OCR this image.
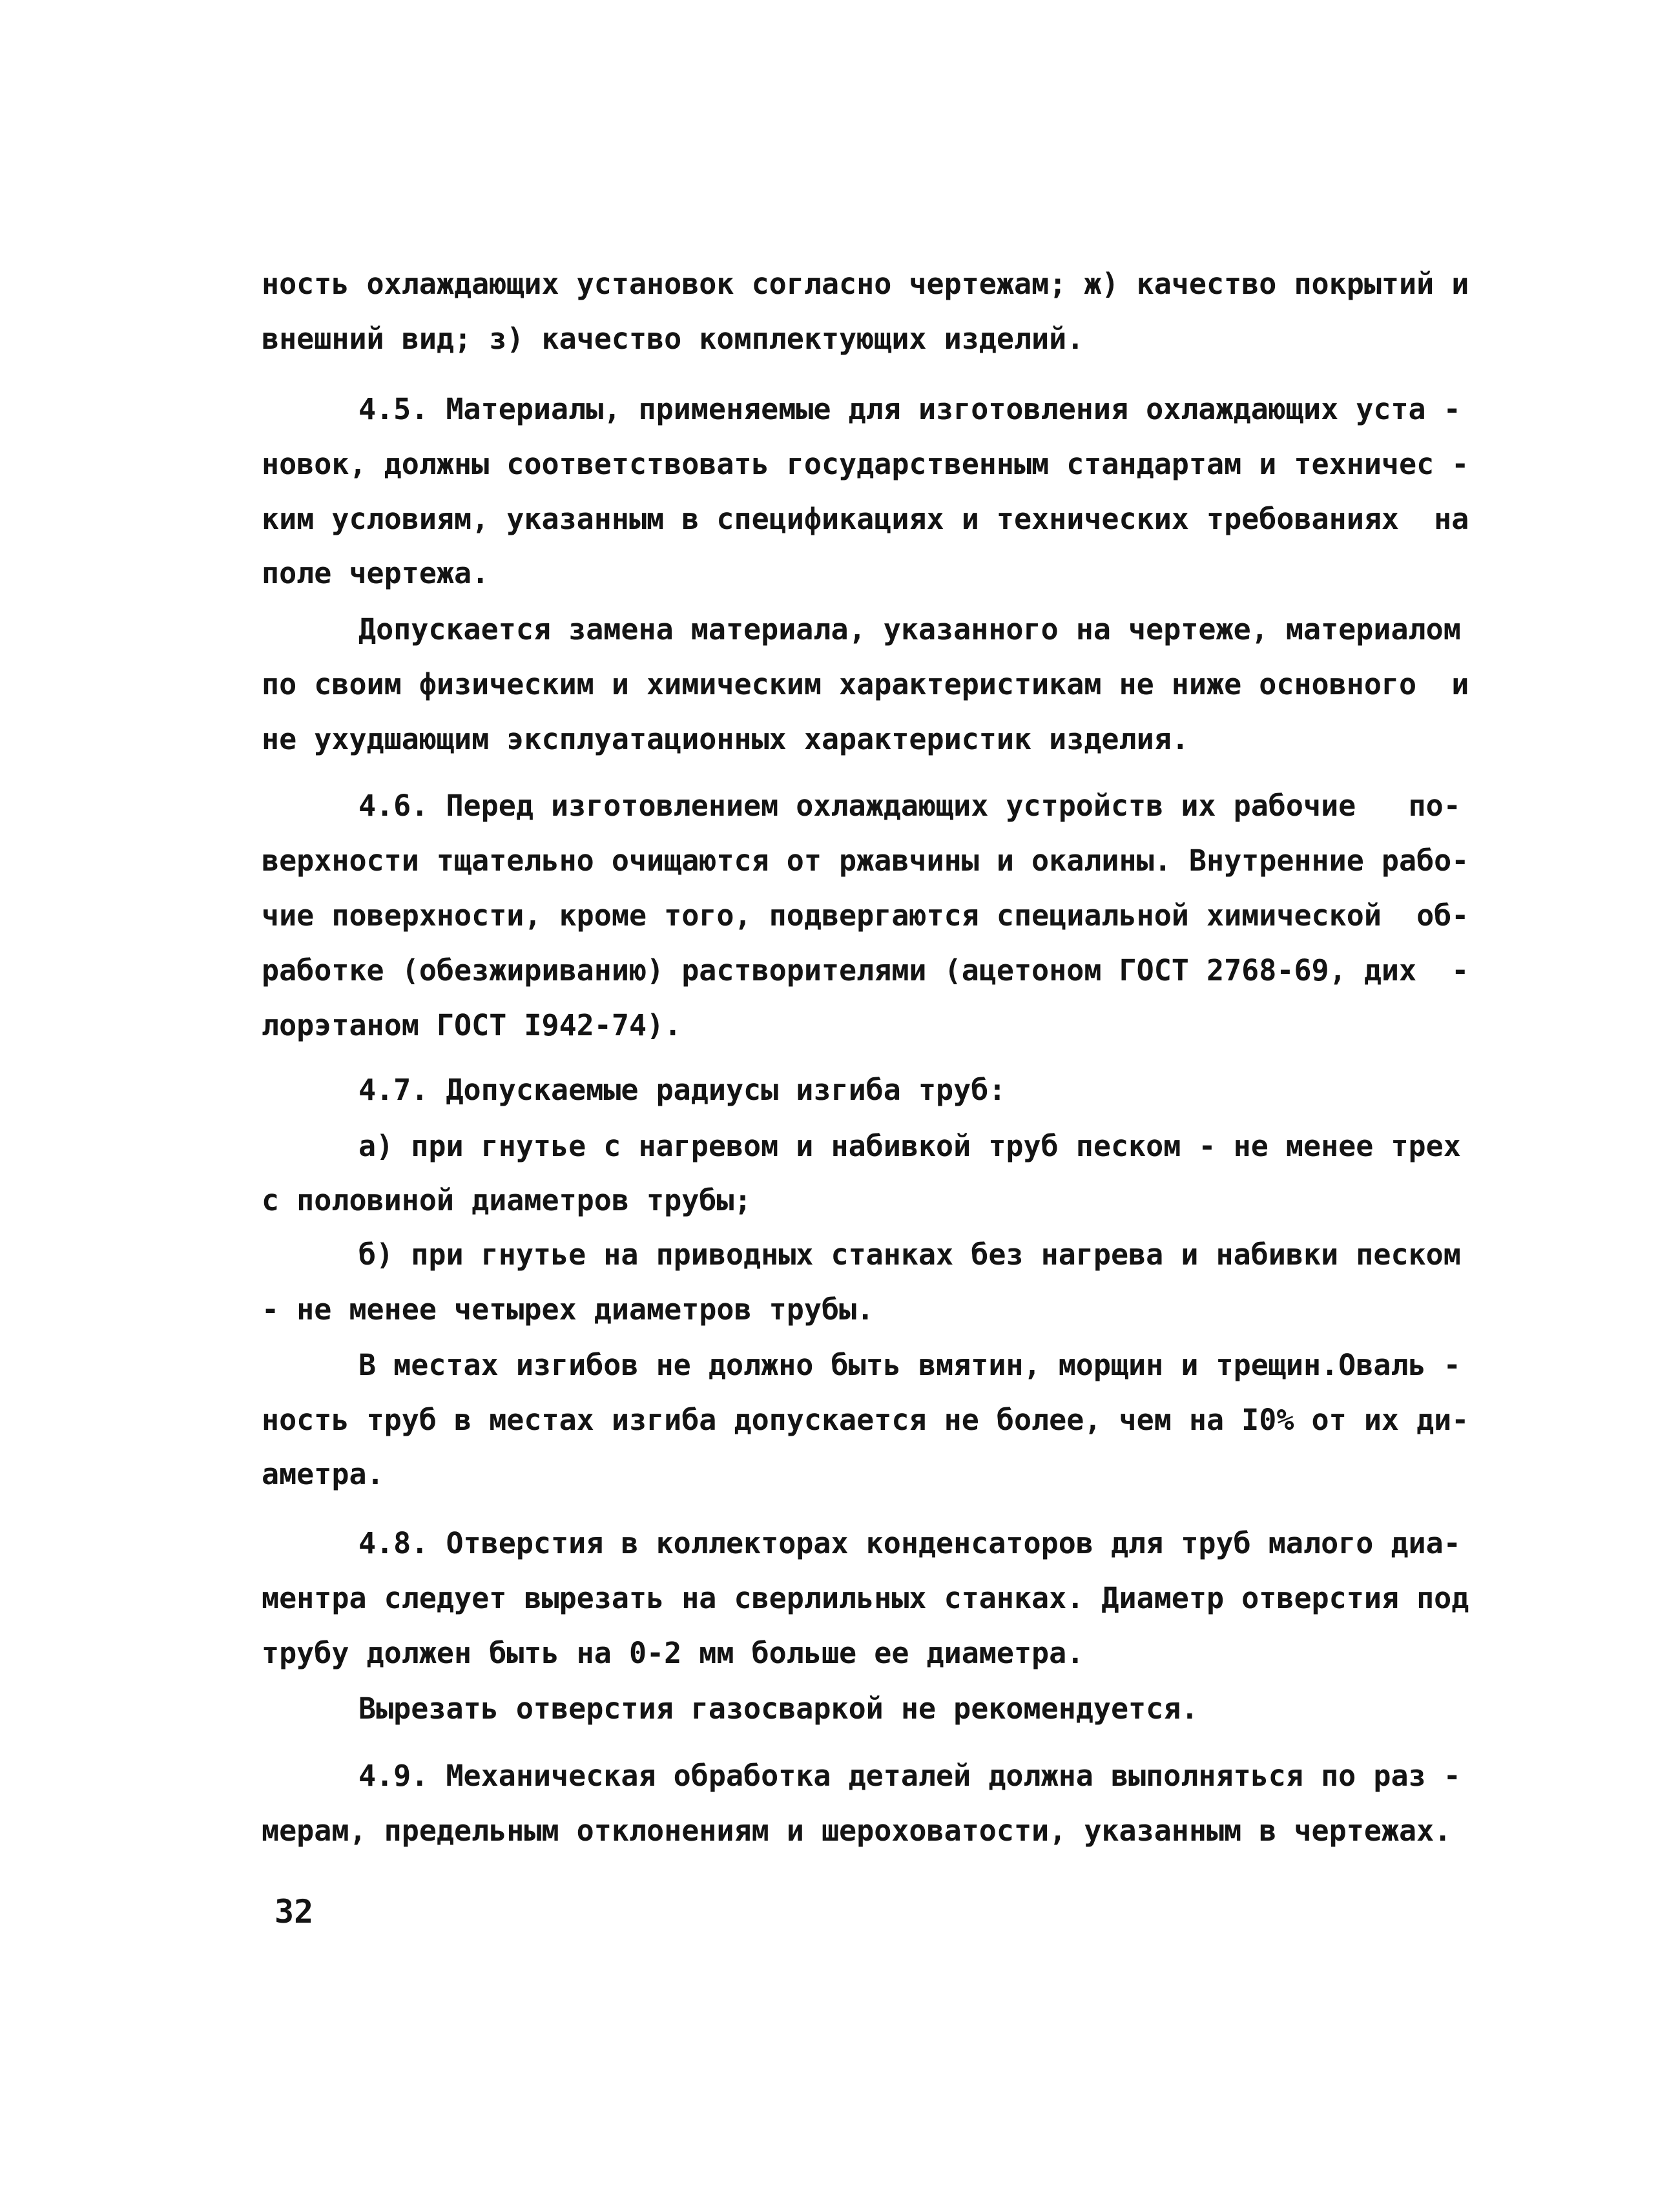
ность охлаждающих установок согласно чертежам; ж) качество покрытий и
внешний вид; з) качество комплектующих изделий.
4.5. Материалы, применяемые для изготовления охлаждающих уста -
новок, должны соответствовать государственным стандартам и техничес -
ким условиям, указанным в спецификациях и технических требованиях  на
поле чертежа.
Допускается замена материала, указанного на чертеже, материалом
по своим физическим и химическим характеристикам не ниже основного  и
не ухудшающим эксплуатационных характеристик изделия.
4.6. Перед изготовлением охлаждающих устройств их рабочие   по-
верхности тщательно очищаются от ржавчины и окалины. Внутренние рабо-
чие поверхности, кроме того, подвергаются специальной химической  об-
работке (обезжириванию) растворителями (ацетоном ГОСТ 2768-69, дих  -
лорэтаном ГОСТ I942-74).
4.7. Допускаемые радиусы изгиба труб:
а) при гнутье с нагревом и набивкой труб песком - не менее трех
с половиной диаметров трубы;
б) при гнутье на приводных станках без нагрева и набивки песком
- не менее четырех диаметров трубы.
В местах изгибов не должно быть вмятин, морщин и трещин.Оваль -
ность труб в местах изгиба допускается не более, чем на I0% от их ди-
аметра.
4.8. Отверстия в коллекторах конденсаторов для труб малого диа-
ментра следует вырезать на сверлильных станках. Диаметр отверстия под
трубу должен быть на 0-2 мм больше ее диаметра.
Вырезать отверстия газосваркой не рекомендуется.
4.9. Механическая обработка деталей должна выполняться по раз -
мерам, предельным отклонениям и шероховатости, указанным в чертежах.
32
